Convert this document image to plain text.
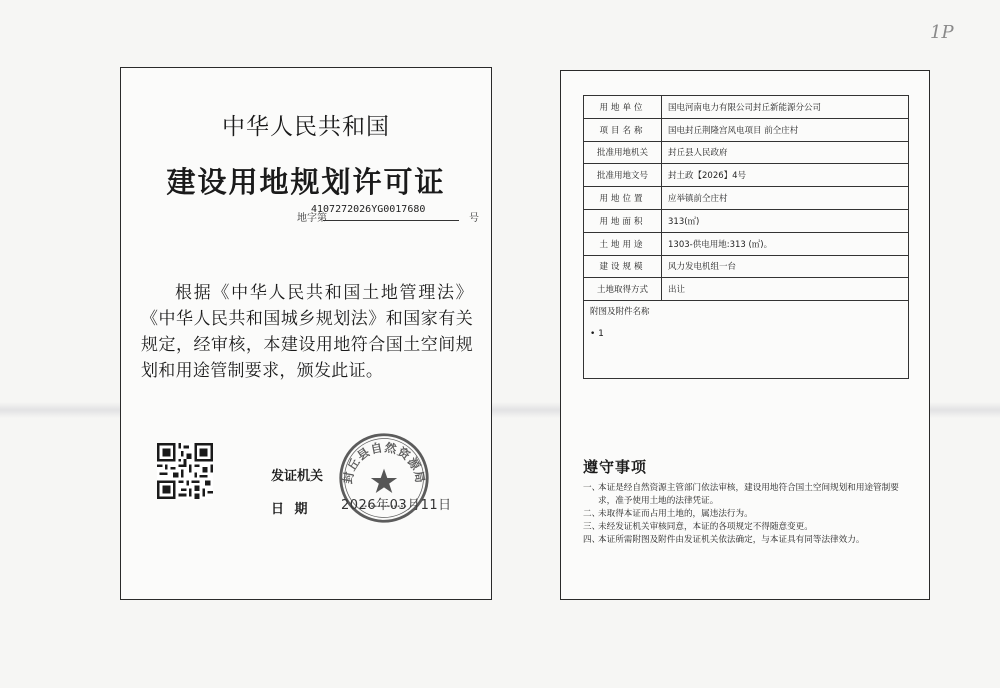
1P
中华人民共和国
建设用地规划许可证
地字第
4107272026YG0017680
号
根据《中华人民共和国土地管理法》《中华人民共和国城乡规划法》和国家有关规定，经审核，本建设用地符合国土空间规划和用途管制要求，颁发此证。
发证机关
日 期 2026年03月11日
封丘县自然资源局
用地单位	国电河南电力有限公司封丘新能源分公司
项目名称	国电封丘荆隆宫风电项目 前仝庄村
批准用地机关	封丘县人民政府
批准用地文号	封土政【2026】4号
用地位置	应举镇前仝庄村
用地面积	313(㎡)
土地用途	1303-供电用地:313 (㎡)。
建设规模	风力发电机组一台
土地取得方式	出让

附图及附件名称
• 1	
遵守事项
一、
本证是经自然资源主管部门依法审核，建设用地符合国土空间规划和用途管制要求，准予使用土地的法律凭证。
二、
未取得本证而占用土地的，属违法行为。
三、
未经发证机关审核同意，本证的各项规定不得随意变更。
四、
本证所需附图及附件由发证机关依法确定，与本证具有同等法律效力。
